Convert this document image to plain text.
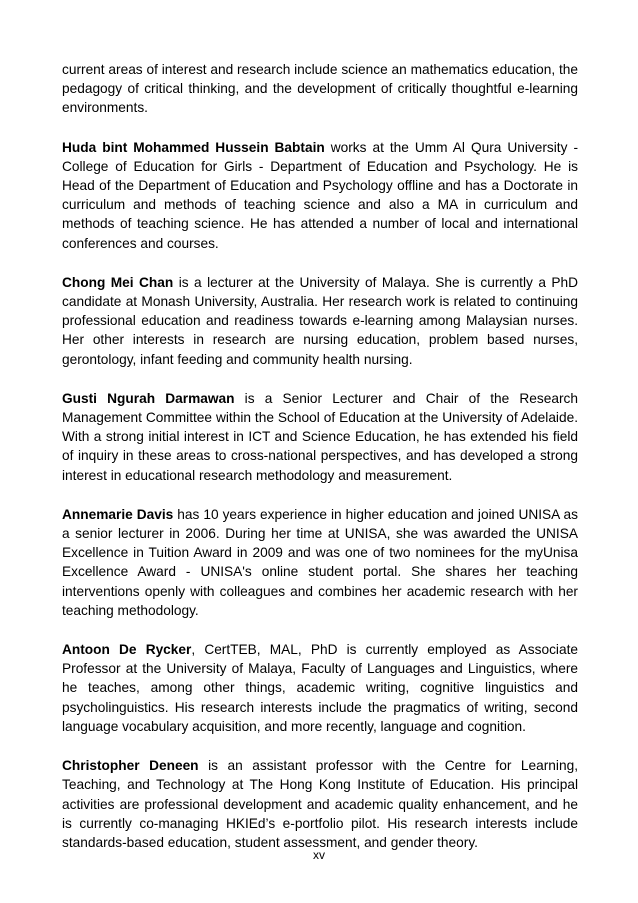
current areas of interest and research include science an mathematics education, the pedagogy of critical thinking, and the development of critically thoughtful e-learning environments.

Huda bint Mohammed Hussein Babtain works at the Umm Al Qura University - College of Education for Girls - Department of Education and Psychology. He is Head of the Department of Education and Psychology offline and has a Doctorate in curriculum and methods of teaching science and also a MA in curriculum and methods of teaching science. He has attended a number of local and international conferences and courses.

Chong Mei Chan is a lecturer at the University of Malaya. She is currently a PhD candidate at Monash University, Australia. Her research work is related to continuing professional education and readiness towards e-learning among Malaysian nurses. Her other interests in research are nursing education, problem based nurses, gerontology, infant feeding and community health nursing.

Gusti Ngurah Darmawan is a Senior Lecturer and Chair of the Research Management Committee within the School of Education at the University of Adelaide. With a strong initial interest in ICT and Science Education, he has extended his field of inquiry in these areas to cross-national perspectives, and has developed a strong interest in educational research methodology and measurement.

Annemarie Davis has 10 years experience in higher education and joined UNISA as a senior lecturer in 2006. During her time at UNISA, she was awarded the UNISA Excellence in Tuition Award in 2009 and was one of two nominees for the myUnisa Excellence Award - UNISA's online student portal. She shares her teaching interventions openly with colleagues and combines her academic research with her teaching methodology.

Antoon De Rycker, CertTEB, MAL, PhD is currently employed as Associate Professor at the University of Malaya, Faculty of Languages and Linguistics, where he teaches, among other things, academic writing, cognitive linguistics and psycholinguistics. His research interests include the pragmatics of writing, second language vocabulary acquisition, and more recently, language and cognition.

Christopher Deneen is an assistant professor with the Centre for Learning, Teaching, and Technology at The Hong Kong Institute of Education. His principal activities are professional development and academic quality enhancement, and he is currently co-managing HKIEd’s e-portfolio pilot. His research interests include standards-based education, student assessment, and gender theory.

xv
